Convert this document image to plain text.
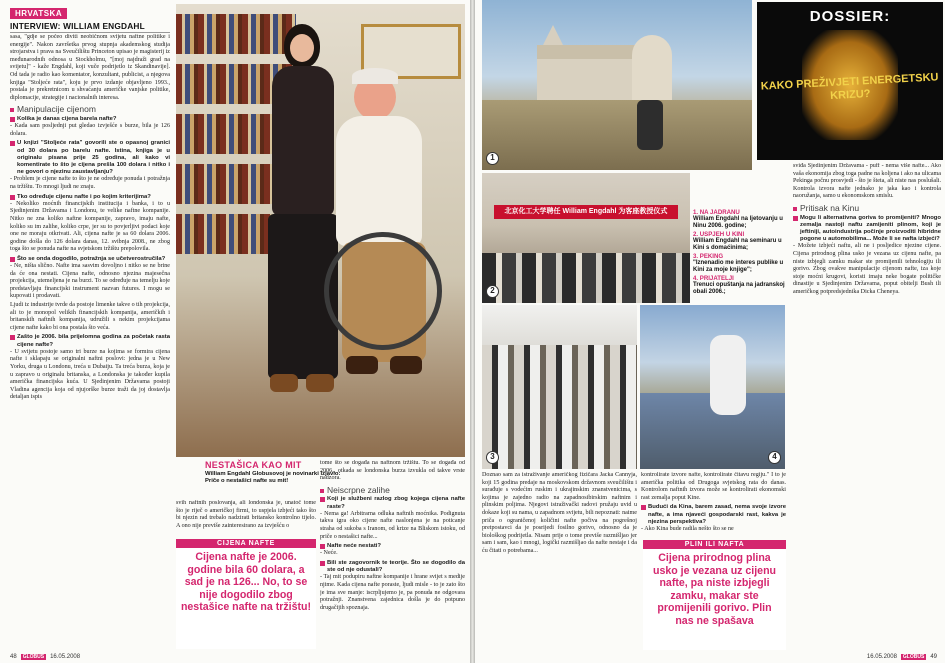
HRVATSKA
INTERVIEW: WILLIAM ENGDAHL

sasa, "gdje se počeo diviti neobičnom svijetu naftne politike i energije". Nakon završetka prvog stupnja akademskog studija strojarstva i prava na Sveučilištu Princeton upisao je magisterij iz međunarodnih odnosa u Stockholmu, "[moj najdraži grad na svijetu]" - kaže Engdahl, koji vuče podrijetlo iz Skandinavije]. Od tada je radio kao komentator, konzultant, publicist, a njegova knjiga "Stoljeće rata", koju je prvo izdanje objavljeno 1993., postala je prekretnicom u shvaćanju američke vanjske politike, diplomacije, strategije i nacionalnih interesa.

Manipulacije cijenom
Kolika je danas cijena barela nafte?

- Kada sam posljednji put gledao izvješće s burze, bila je 126 dolara.

U knjizi "Stoljeće rata" govorili ste o opasnoj granici od 30 dolara po barelu nafte. Istina, knjiga je u originalu pisana prije 25 godina, ali kako vi komentirate to što je cijena prešla 100 dolara i nitko i ne govori o njezinu zaustavljanju?

- Problem je cijene nafte to što je ne određuje ponuda i potražnja na tržištu. To mnogi ljudi ne znaju.

Tko određuje cijenu nafte i po kojim kriterijima?

- Nekoliko moćnih financijskih institucija i banka, i to u Sjedinjenim Državama i Londonu, te velike naftne kompanije. Nitko ne zna koliko naftne kompanije, zapravo, imaju nafte, koliko su im zalihe, koliko crpe, jer su to povjerljivi podaci koje one ne moraju otkrivati. Ali, cijena nafte je sa 60 dolara 2006. godine došla do 126 dolara danas, 12. svibnja 2008., ne zbog toga što se ponuda nafte na svjetskom tržištu prepolovila.

Što se onda dogodilo, potražnja se učetverostručila?

- Ne, ništa slično. Nafte ima sasvim dovoljno i nitko se ne brine da će ona nestati. Cijena nafte, odnosno njezina majesečna projekcija, utemeljena je na burzi. To se određuje na temelju koje predstavljaju financijski instrument nazvan futures. I mogu se kupovati i prodavati.

Ljudi iz industrije tvrde da postoje limenke takve o tih projekcija, ali to je monopol velikih financijskih kompanija, američkih i britanskih naftnih kompanija, udružili s nekim projekcijama cijene nafte kako bi ona postala što veća.

Zašto je 2006. bila prijelomna godina za početak rasta cijene nafte?

- U svijetu postoje samo tri burze na kojima se formira cijena nafte i sklapaju se originalni naftni poslovi: jedna je u New Yorku, druga u Londonu, treća u Dubaiju. Ta treća burza, koja je u zapravo u originalu britanska, a Londonska je također kupila američka financijska kuća. U Sjedinjenim Državama postoji Vladina agencija koja od njujorške burze traži da joj dostavlja detaljan ispis

NESTAŠICA KAO MIT
William Engdahl Globusovoj je novinarki izjavio: Priče o nestašici nafte su mit!

svih naftnih poslovanja, ali londonska je, unatoč tome što je riječ o američkoj firmi, to uspjela izbjeći tako što bi njezin rad trebalo nadzirati britansko kontrolno tijelo. A ono nije previše zainteresirano za izvješću o

CIJENA NAFTE
Cijena nafte je 2006. godine bila 60 dolara, a sad je na 126... No, to se nije dogodilo zbog nestašice nafte na tržištu!

tome što se događa na naftnom tržištu. To se događa od 2006., otkada se londonska burza izvukla od takve vrste nadzora.

Neiscrpne zalihe
Koji je službeni razlog zbog kojega cijena nafte raste?

- Nema ga! Arbitrarna odluka naftnih moćnika. Podignuta takva igra oko cijene nafte naslonjena je na poticanje straha od sukoba s Iranom, od krize na Bliskom istoku, od priče o nestašici nafte...

Nafte neće nestati?

- Neće.

Bili ste zagovornik te teorije. Što se dogodilo da ste od nje odustali?

- Taj mit podupiru naftne kompanije i hrane svijet s medije njime. Kada cijena nafte poraste, ljudi misle - to je zato što je ima sve manje: iscrpljujemo je, pa ponuda ne odgovara potražnji. Znanstvena zajednica došla je do potpuno drugačijih spoznaja.

48	GLOBUS	16.05.2008
1
DOSSIER:
KAKO PREŽIVJETI ENERGETSKU KRIZU?
北京化工大学聘任 William Engdahl 为客座教授仪式
2
1. NA JADRANU
William Engdahl na ljetovanju u Ninu 2006. godine;
2. USPJEH U KINI
William Engdahl na seminaru u Kini s domaćinima;
3. PEKING
"Iznenadio me interes publike u Kini za moje knjige";
4. PRIJATELJI
Trenuci opuštanja na jadranskoj obali 2006.;
3	4

Doznao sam za istraživanje američkog fizičara Jacka Cannyja, koji 15 godina predaje na moskovskom državnom sveučilištu i surađuje s vodećim ruskim i ukrajinskim znanstvenicima, s kojima je zajedno radio na zapadnosibirskim naftnim i plinskim poljima. Njegovi istraživački radovi pružaju uvid u dokaze koji su nama, u zapadnom svijetu, bili nepoznati: naime priča o ograničenoj količini nafte počiva na pogrešnoj pretpostavci da je posrijedi fosilno gorivo, odnosno da je biološkog podrijetla. Nisam prije o tome previše razmišljao jer sam i sam, kao i mnogi, logički razmišljao da nafte nestaje i da ću čitati o potrebama...

kontrolirate izvore nafte, kontrolirate čitavu regiju." I to je američka politika od Drugoga svjetskog rata do danas. Kontrolom naftnih izvora može se kontrolirati ekonomski rast zemalja poput Kine.

Budući da Kina, barem zasad, nema svoje izvore nafte, a ima njaveći gospodarski rast, kakva je njezina perspektiva?

- Ako Kina bude radila nešto što se ne

PLIN ILI NAFTA
Cijena prirodnog plina usko je vezana uz cijenu nafte, pa niste izbjegli zamku, makar ste promijenili gorivo. Plin nas ne spašava

sviđa Sjedinjenim Državama - puff - nema više nafte... Ako vaša ekonomija zbog toga padne na koljena i ako na ulicama Pekinga počnu prosvjedi - što je šteta, ali niste nas poslušali. Kontrola izvora nafte jednako je jaka kao i kontrola naoružanja, samo u ekonomskom smislu.

Pritisak na Kinu
Mogu li alternativna goriva to promijeniti? Mnogo zemalja nastoji naftu zamijeniti plinom, koji je jeftiniji, autoindustrija počinje proizvoditi hibridne pogone u automobilima... Može li se nafta izbjeći?

- Možete izbjeći naftu, ali ne i posljedice njezine cijene. Cijena prirodnog plina usko je vezana uz cijenu nafte, pa niste izbjegli zamku makar ste promijenili tehnologiju ili gorivo. Zbog ovakve manipulacije cijenom nafte, iza koje stoje moćni krugovi, koristi imaju neke bogate političke dinastije u Sjedinjenim Državama, poput obitelji Bush ili američkog potpredsjednika Dicka Cheneya.

16.05.2008	GLOBUS	49
